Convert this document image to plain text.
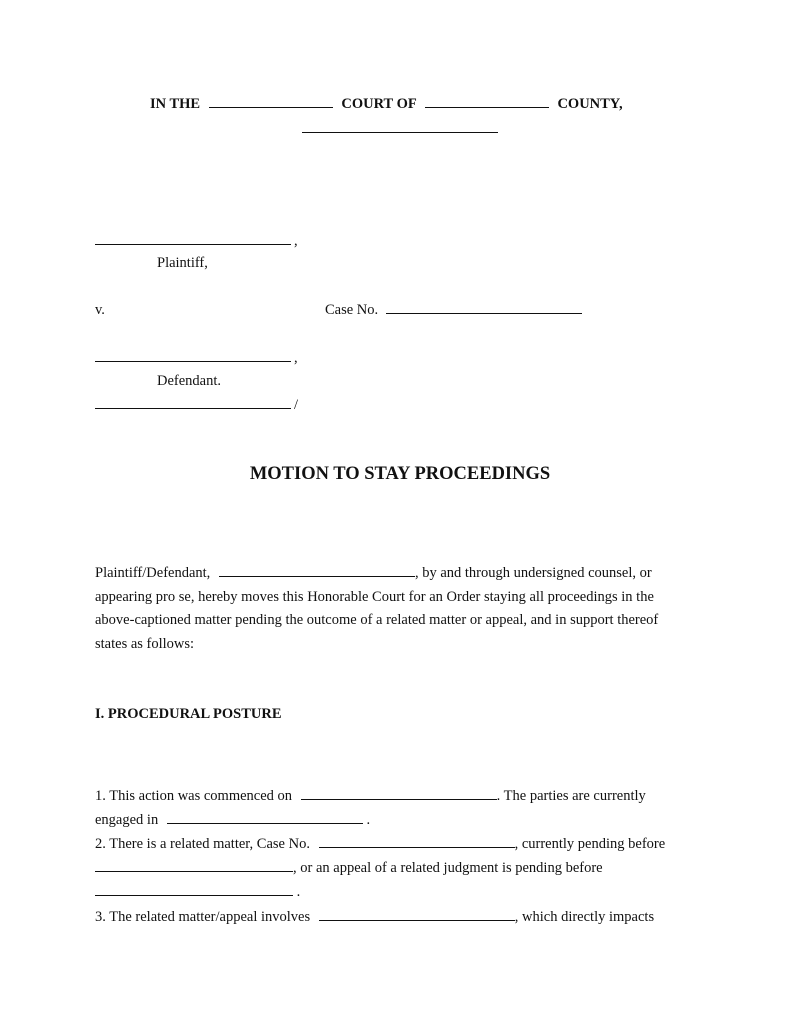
IN THE	COURT OF	COUNTY,
,
Plaintiff,
v.	Case No.
,
Defendant.
/
MOTION TO STAY PROCEEDINGS
Plaintiff/Defendant,	, by and through undersigned counsel, or
appearing pro se, hereby moves this Honorable Court for an Order staying all proceedings in the
above-captioned matter pending the outcome of a related matter or appeal, and in support thereof
states as follows:
I. PROCEDURAL POSTURE
1. This action was commenced on	. The parties are currently
engaged in	.
2. There is a related matter, Case No.	, currently pending before
, or an appeal of a related judgment is pending before
.
3. The related matter/appeal involves	, which directly impacts
